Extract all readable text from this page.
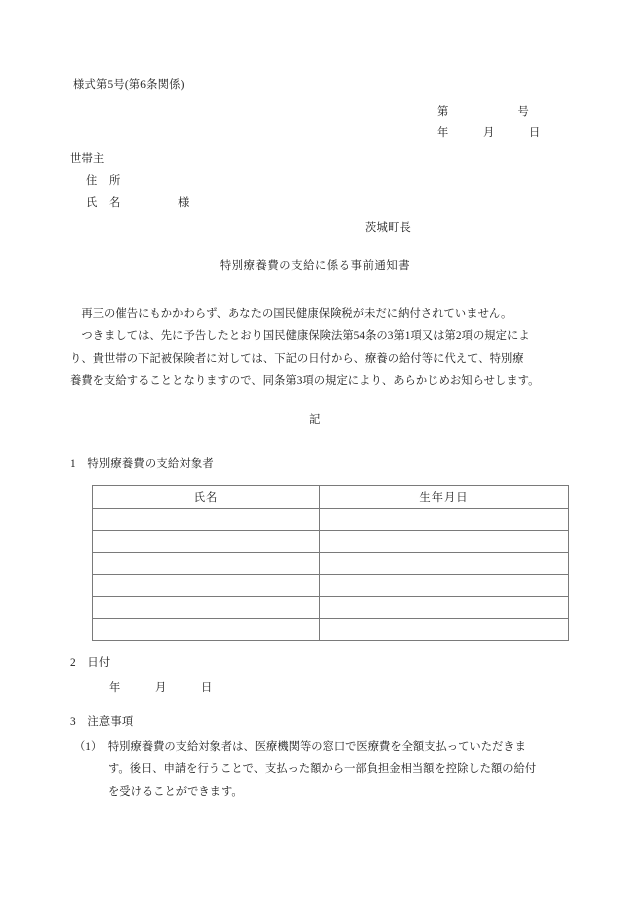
様式第5号(第6条関係)
第　　　　　　号
年　　　月　　　日
世帯主
住　所
氏　名　　　　　様
茨城町長
特別療養費の支給に係る事前通知書
　再三の催告にもかかわらず、あなたの国民健康保険税が未だに納付されていません。
　つきましては、先に予告したとおり国民健康保険法第54条の3第1項又は第2項の規定によ
り、貴世帯の下記被保険者に対しては、下記の日付から、療養の給付等に代えて、特別療
養費を支給することとなりますので、同条第3項の規定により、あらかじめお知らせします。
記
1　特別療養費の支給対象者
氏名	生年月日

2　日付
年　　　月　　　日
3　注意事項
（1）　特別療養費の支給対象者は、医療機関等の窓口で医療費を全額支払っていただきま
す。後日、申請を行うことで、支払った額から一部負担金相当額を控除した額の給付
を受けることができます。
